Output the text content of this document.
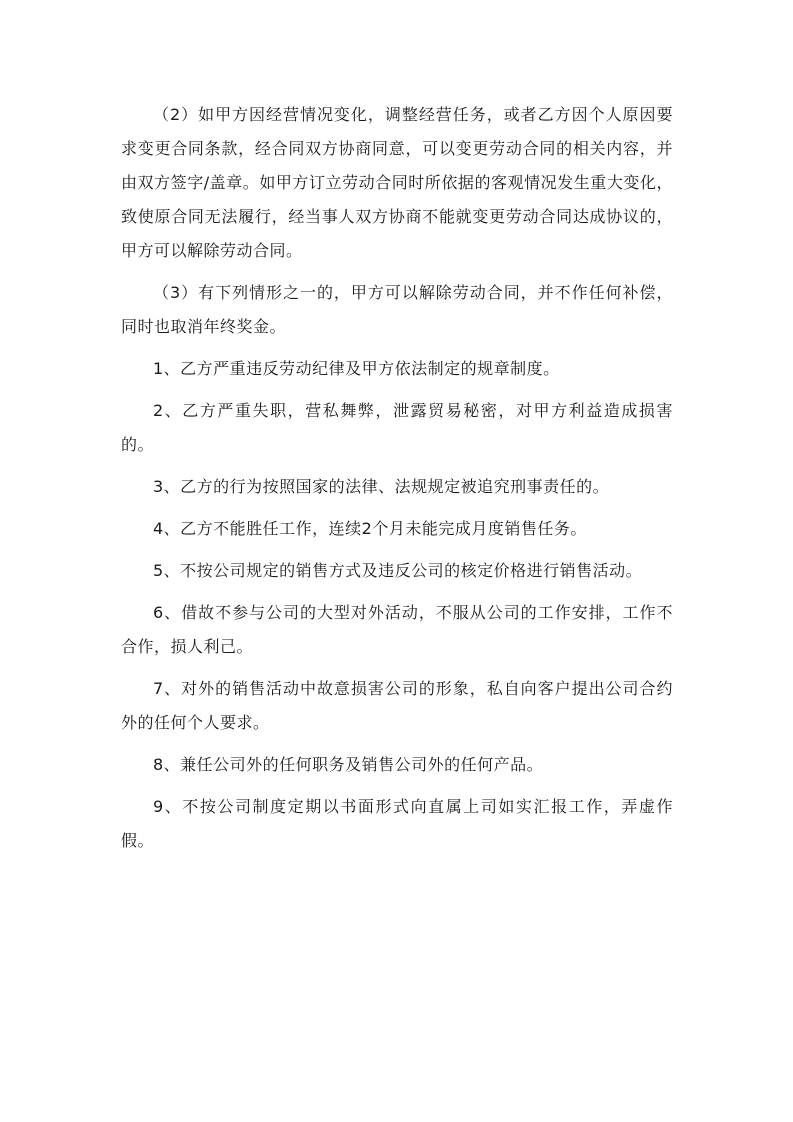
（2）如甲方因经营情况变化，调整经营任务，或者乙方因个人原因要求变更合同条款，经合同双方协商同意，可以变更劳动合同的相关内容，并由双方签字/盖章。如甲方订立劳动合同时所依据的客观情况发生重大变化，致使原合同无法履行，经当事人双方协商不能就变更劳动合同达成协议的，甲方可以解除劳动合同。

（3）有下列情形之一的，甲方可以解除劳动合同，并不作任何补偿，同时也取消年终奖金。

1、乙方严重违反劳动纪律及甲方依法制定的规章制度。

2、乙方严重失职，营私舞弊，泄露贸易秘密，对甲方利益造成损害的。

3、乙方的行为按照国家的法律、法规规定被追究刑事责任的。

4、乙方不能胜任工作，连续2个月未能完成月度销售任务。

5、不按公司规定的销售方式及违反公司的核定价格进行销售活动。

6、借故不参与公司的大型对外活动，不服从公司的工作安排，工作不合作，损人利己。

7、对外的销售活动中故意损害公司的形象，私自向客户提出公司合约外的任何个人要求。

8、兼任公司外的任何职务及销售公司外的任何产品。

9、不按公司制度定期以书面形式向直属上司如实汇报工作，弄虚作假。
